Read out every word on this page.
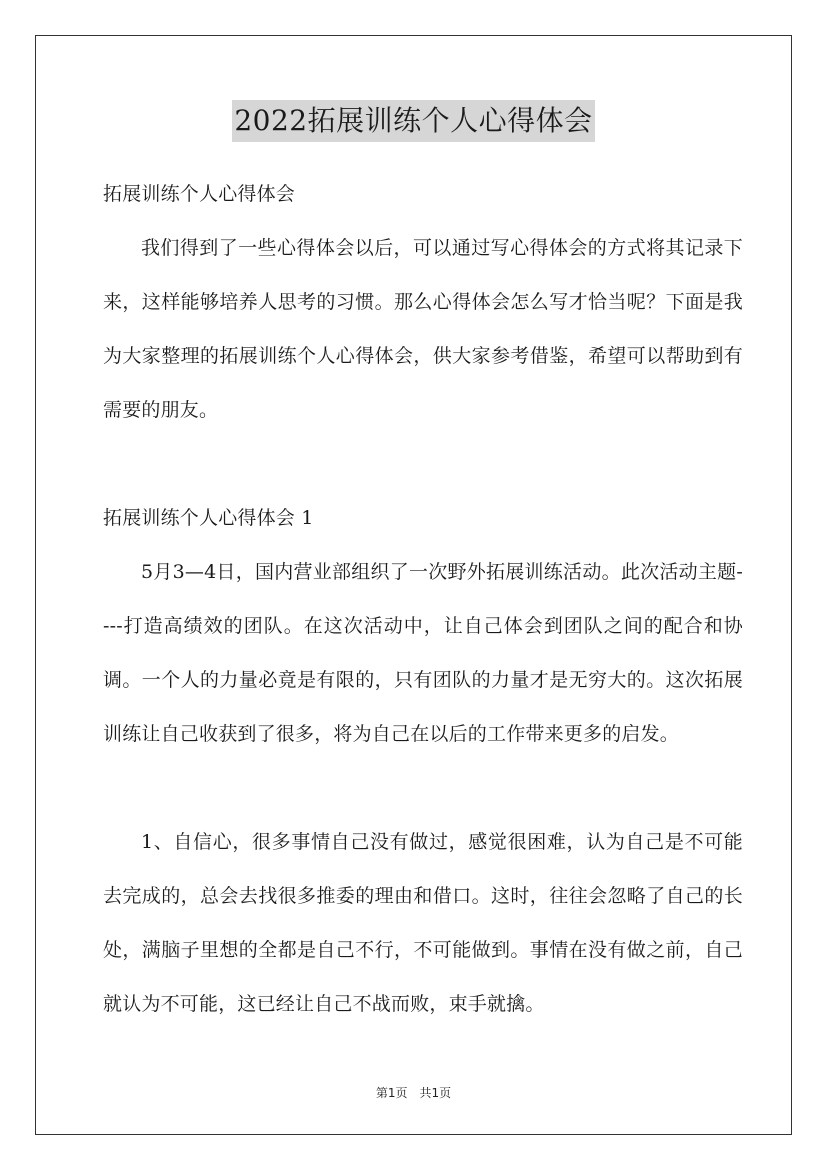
2022拓展训练个人心得体会

拓展训练个人心得体会

我们得到了一些心得体会以后，可以通过写心得体会的方式将其记录下来，这样能够培养人思考的习惯。那么心得体会怎么写才恰当呢？下面是我为大家整理的拓展训练个人心得体会，供大家参考借鉴，希望可以帮助到有需要的朋友。

拓展训练个人心得体会 1

5月3—4日，国内营业部组织了一次野外拓展训练活动。此次活动主题----打造高绩效的团队。在这次活动中，让自己体会到团队之间的配合和协调。一个人的力量必竟是有限的，只有团队的力量才是无穷大的。这次拓展训练让自己收获到了很多，将为自己在以后的工作带来更多的启发。

1、自信心，很多事情自己没有做过，感觉很困难，认为自己是不可能去完成的，总会去找很多推委的理由和借口。这时，往往会忽略了自己的长处，满脑子里想的全都是自己不行，不可能做到。事情在没有做之前，自己就认为不可能，这已经让自己不战而败，束手就擒。

第1页　共1页
